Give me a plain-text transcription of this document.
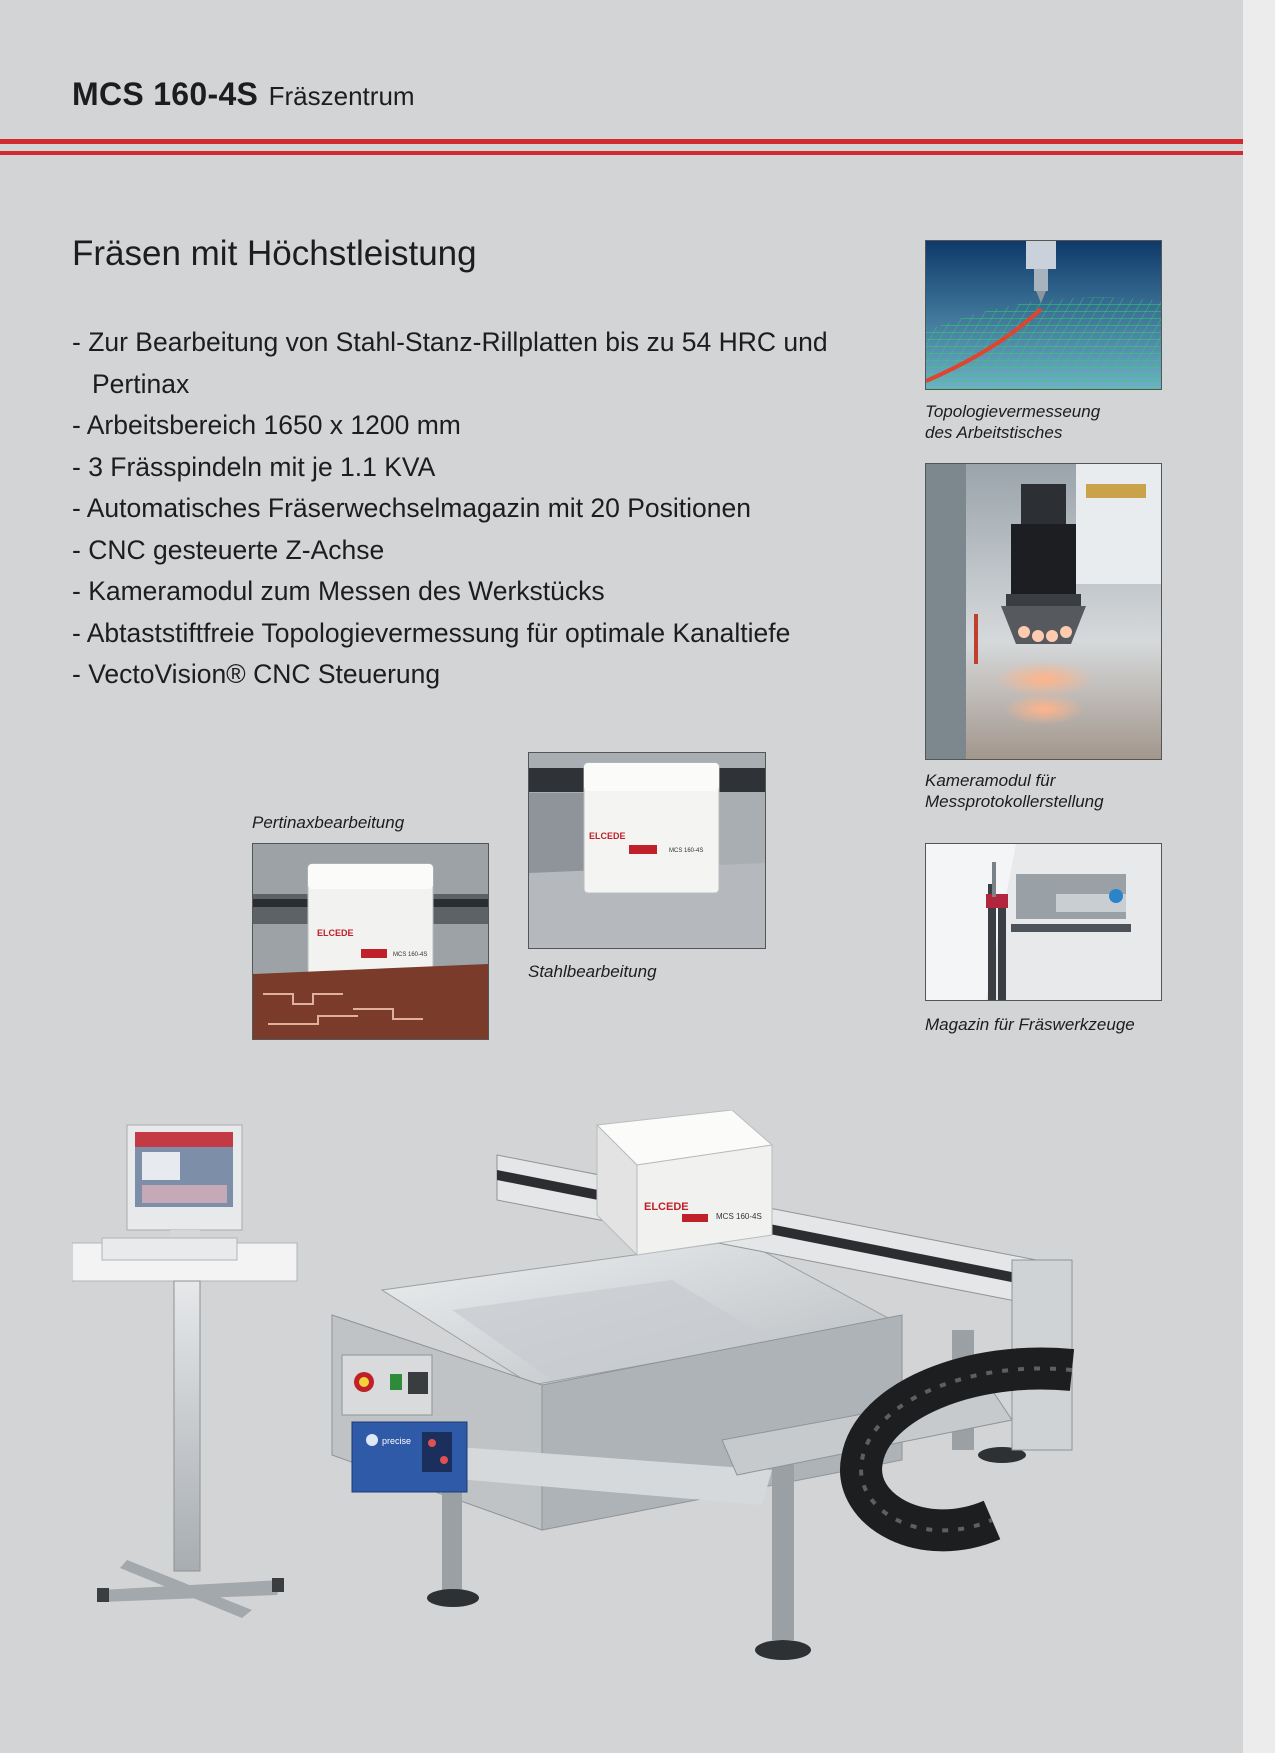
MCS 160-4S Fräszentrum
Fräsen mit Höchstleistung
- Zur Bearbeitung von Stahl-Stanz-Rillplatten bis zu 54 HRC und Pertinax
- Arbeitsbereich 1650 x 1200 mm
- 3 Frässpindeln mit je 1.1 KVA
- Automatisches Fräserwechselmagazin mit 20 Positionen
- CNC gesteuerte Z-Achse
- Kameramodul zum Messen des Werkstücks
- Abtaststiftfreie Topologievermessung für optimale Kanaltiefe
- VectoVision® CNC Steuerung
Topologievermesseung
des Arbeitstisches
Kameramodul für
Messprotokollerstellung
Magazin für Fräswerkzeuge
Pertinaxbearbeitung
ELCEDE
MCS 160-4S
ELCEDE
MCS 160-4S
Stahlbearbeitung
ELCEDE
MCS 160-4S
precise
